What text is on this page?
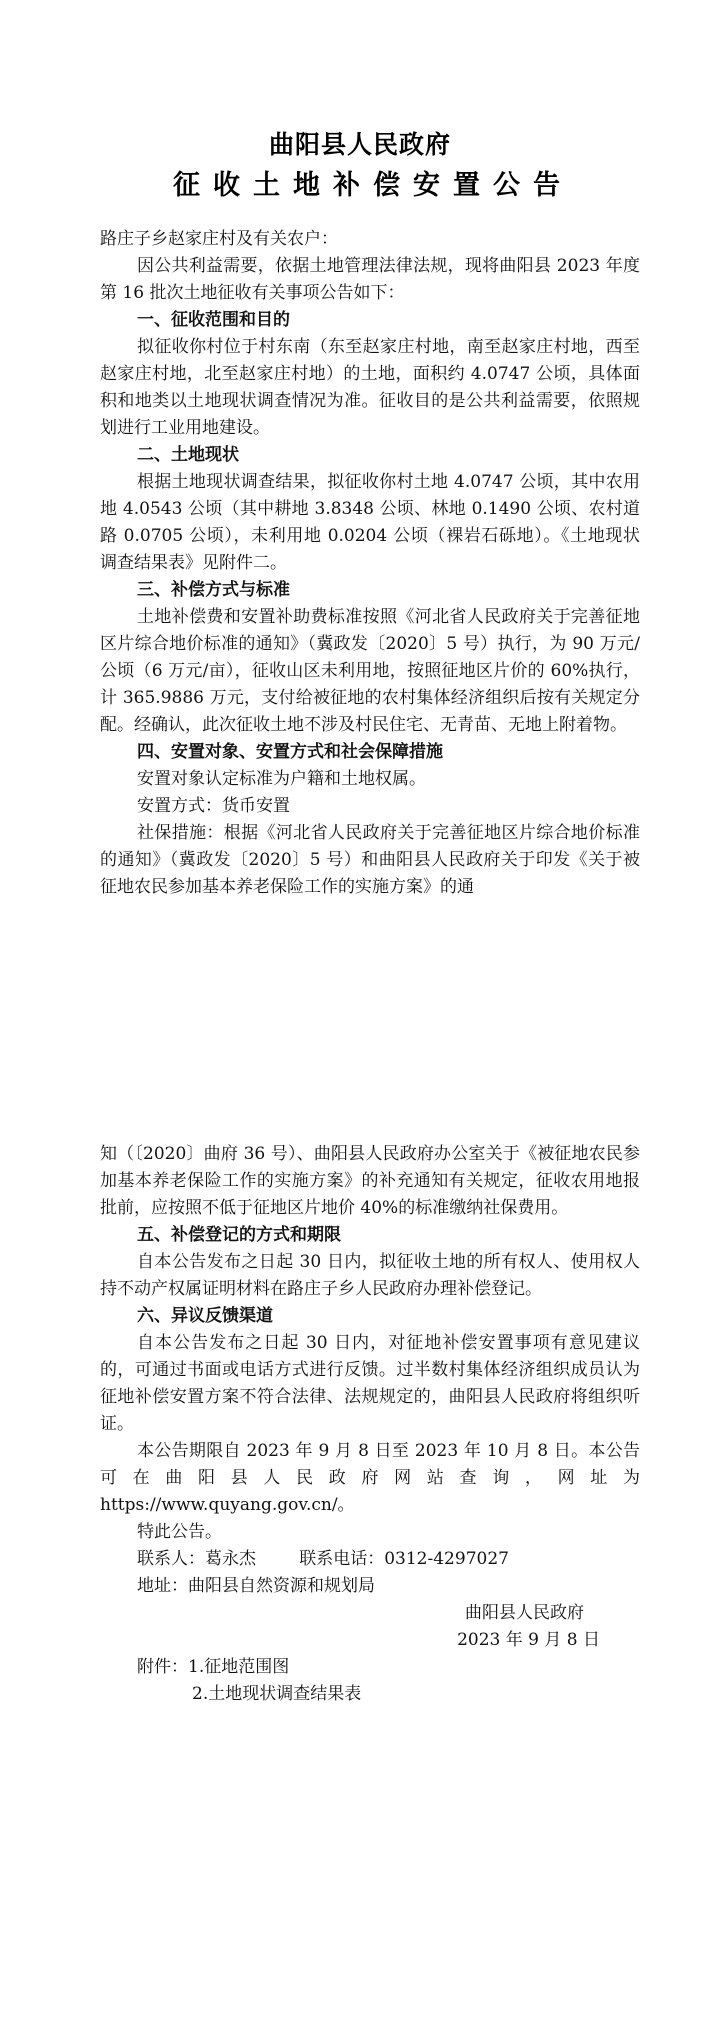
曲阳县人民政府
征收土地补偿安置公告

路庄子乡赵家庄村及有关农户：

因公共利益需要，依据土地管理法律法规，现将曲阳县 2023 年度第 16 批次土地征收有关事项公告如下：

一、征收范围和目的

拟征收你村位于村东南（东至赵家庄村地，南至赵家庄村地，西至赵家庄村地，北至赵家庄村地）的土地，面积约 4.0747 公顷，具体面积和地类以土地现状调查情况为准。征收目的是公共利益需要，依照规划进行工业用地建设。

二、土地现状

根据土地现状调查结果，拟征收你村土地 4.0747 公顷，其中农用地 4.0543 公顷（其中耕地 3.8348 公顷、林地 0.1490 公顷、农村道路 0.0705 公顷），未利用地 0.0204 公顷（裸岩石砾地）。《土地现状调查结果表》见附件二。

三、补偿方式与标准

土地补偿费和安置补助费标准按照《河北省人民政府关于完善征地区片综合地价标准的通知》（冀政发〔2020〕5 号）执行，为 90 万元/公顷（6 万元/亩），征收山区未利用地，按照征地区片价的 60%执行，计 365.9886 万元，支付给被征地的农村集体经济组织后按有关规定分配。经确认，此次征收土地不涉及村民住宅、无青苗、无地上附着物。

四、安置对象、安置方式和社会保障措施

安置对象认定标准为户籍和土地权属。

安置方式：货币安置

社保措施：根据《河北省人民政府关于完善征地区片综合地价标准的通知》（冀政发〔2020〕5 号）和曲阳县人民政府关于印发《关于被征地农民参加基本养老保险工作的实施方案》的通

知（〔2020〕曲府 36 号）、曲阳县人民政府办公室关于《被征地农民参加基本养老保险工作的实施方案》的补充通知有关规定，征收农用地报批前，应按照不低于征地区片地价 40%的标准缴纳社保费用。

五、补偿登记的方式和期限

自本公告发布之日起 30 日内，拟征收土地的所有权人、使用权人持不动产权属证明材料在路庄子乡人民政府办理补偿登记。

六、异议反馈渠道

自本公告发布之日起 30 日内，对征地补偿安置事项有意见建议的，可通过书面或电话方式进行反馈。过半数村集体经济组织成员认为征地补偿安置方案不符合法律、法规规定的，曲阳县人民政府将组织听证。

本公告期限自 2023 年 9 月 8 日至 2023 年 10 月 8 日。本公告可在曲阳县人民政府网站查询，网址为 https://www.quyang.gov.cn/。

特此公告。

联系人：葛永杰	联系电话：0312-4297027

地址：曲阳县自然资源和规划局

曲阳县人民政府

2023 年 9 月 8 日

附件：1.征地范围图

2.土地现状调查结果表
